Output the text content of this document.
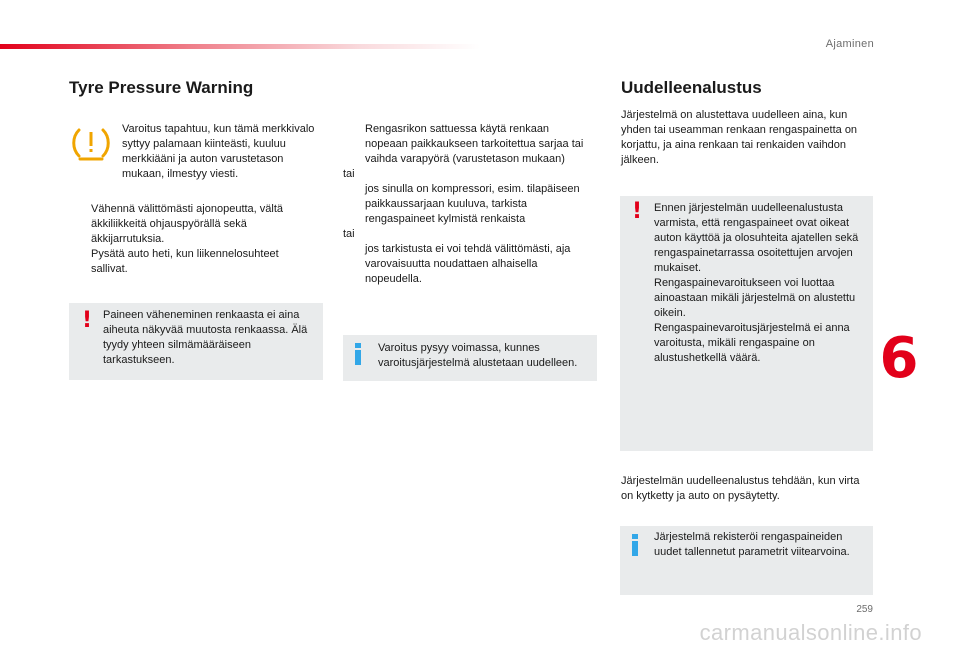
Ajaminen
Tyre Pressure Warning
Varoitus tapahtuu, kun tämä merkkivalo syttyy palamaan kiinteästi, kuuluu merkkiääni ja auton varustetason mukaan, ilmestyy viesti.
Vähennä välittömästi ajonopeutta, vältä äkkiliikkeitä ohjauspyörällä sekä äkkijarrutuksia.
Pysätä auto heti, kun liikennelosuhteet sallivat.
! Paineen väheneminen renkaasta ei aina aiheuta näkyvää muutosta renkaassa. Älä tyydy yhteen silmämääräiseen tarkastukseen.
Rengasrikon sattuessa käytä renkaan nopeaan paikkaukseen tarkoitettua sarjaa tai vaihda varapyörä (varustetason mukaan)
tai
jos sinulla on kompressori, esim. tilapäiseen paikkaussarjaan kuuluva, tarkista rengaspaineet kylmistä renkaista
tai
jos tarkistusta ei voi tehdä välittömästi, aja varovaisuutta noudattaen alhaisella nopeudella.
Varoitus pysyy voimassa, kunnes varoitusjärjestelmä alustetaan uudelleen.
Uudelleenalustus
Järjestelmä on alustettava uudelleen aina, kun yhden tai useamman renkaan rengaspainetta on korjattu, ja aina renkaan tai renkaiden vaihdon jälkeen.
! Ennen järjestelmän uudelleenalustusta varmista, että rengaspaineet ovat oikeat auton käyttöä ja olosuhteita ajatellen sekä rengaspainetarrassa osoitettujen arvojen mukaiset.
Rengaspainevaroitukseen voi luottaa ainoastaan mikäli järjestelmä on alustettu oikein.
Rengaspainevaroitusjärjestelmä ei anna varoitusta, mikäli rengaspaine on alustushetkellä väärä.
Järjestelmän uudelleenalustus tehdään, kun virta on kytketty ja auto on pysäytetty.
Järjestelmä rekisteröi rengaspaineiden uudet tallennetut parametrit viitearvoina.
6
259
carmanualsonline.info
